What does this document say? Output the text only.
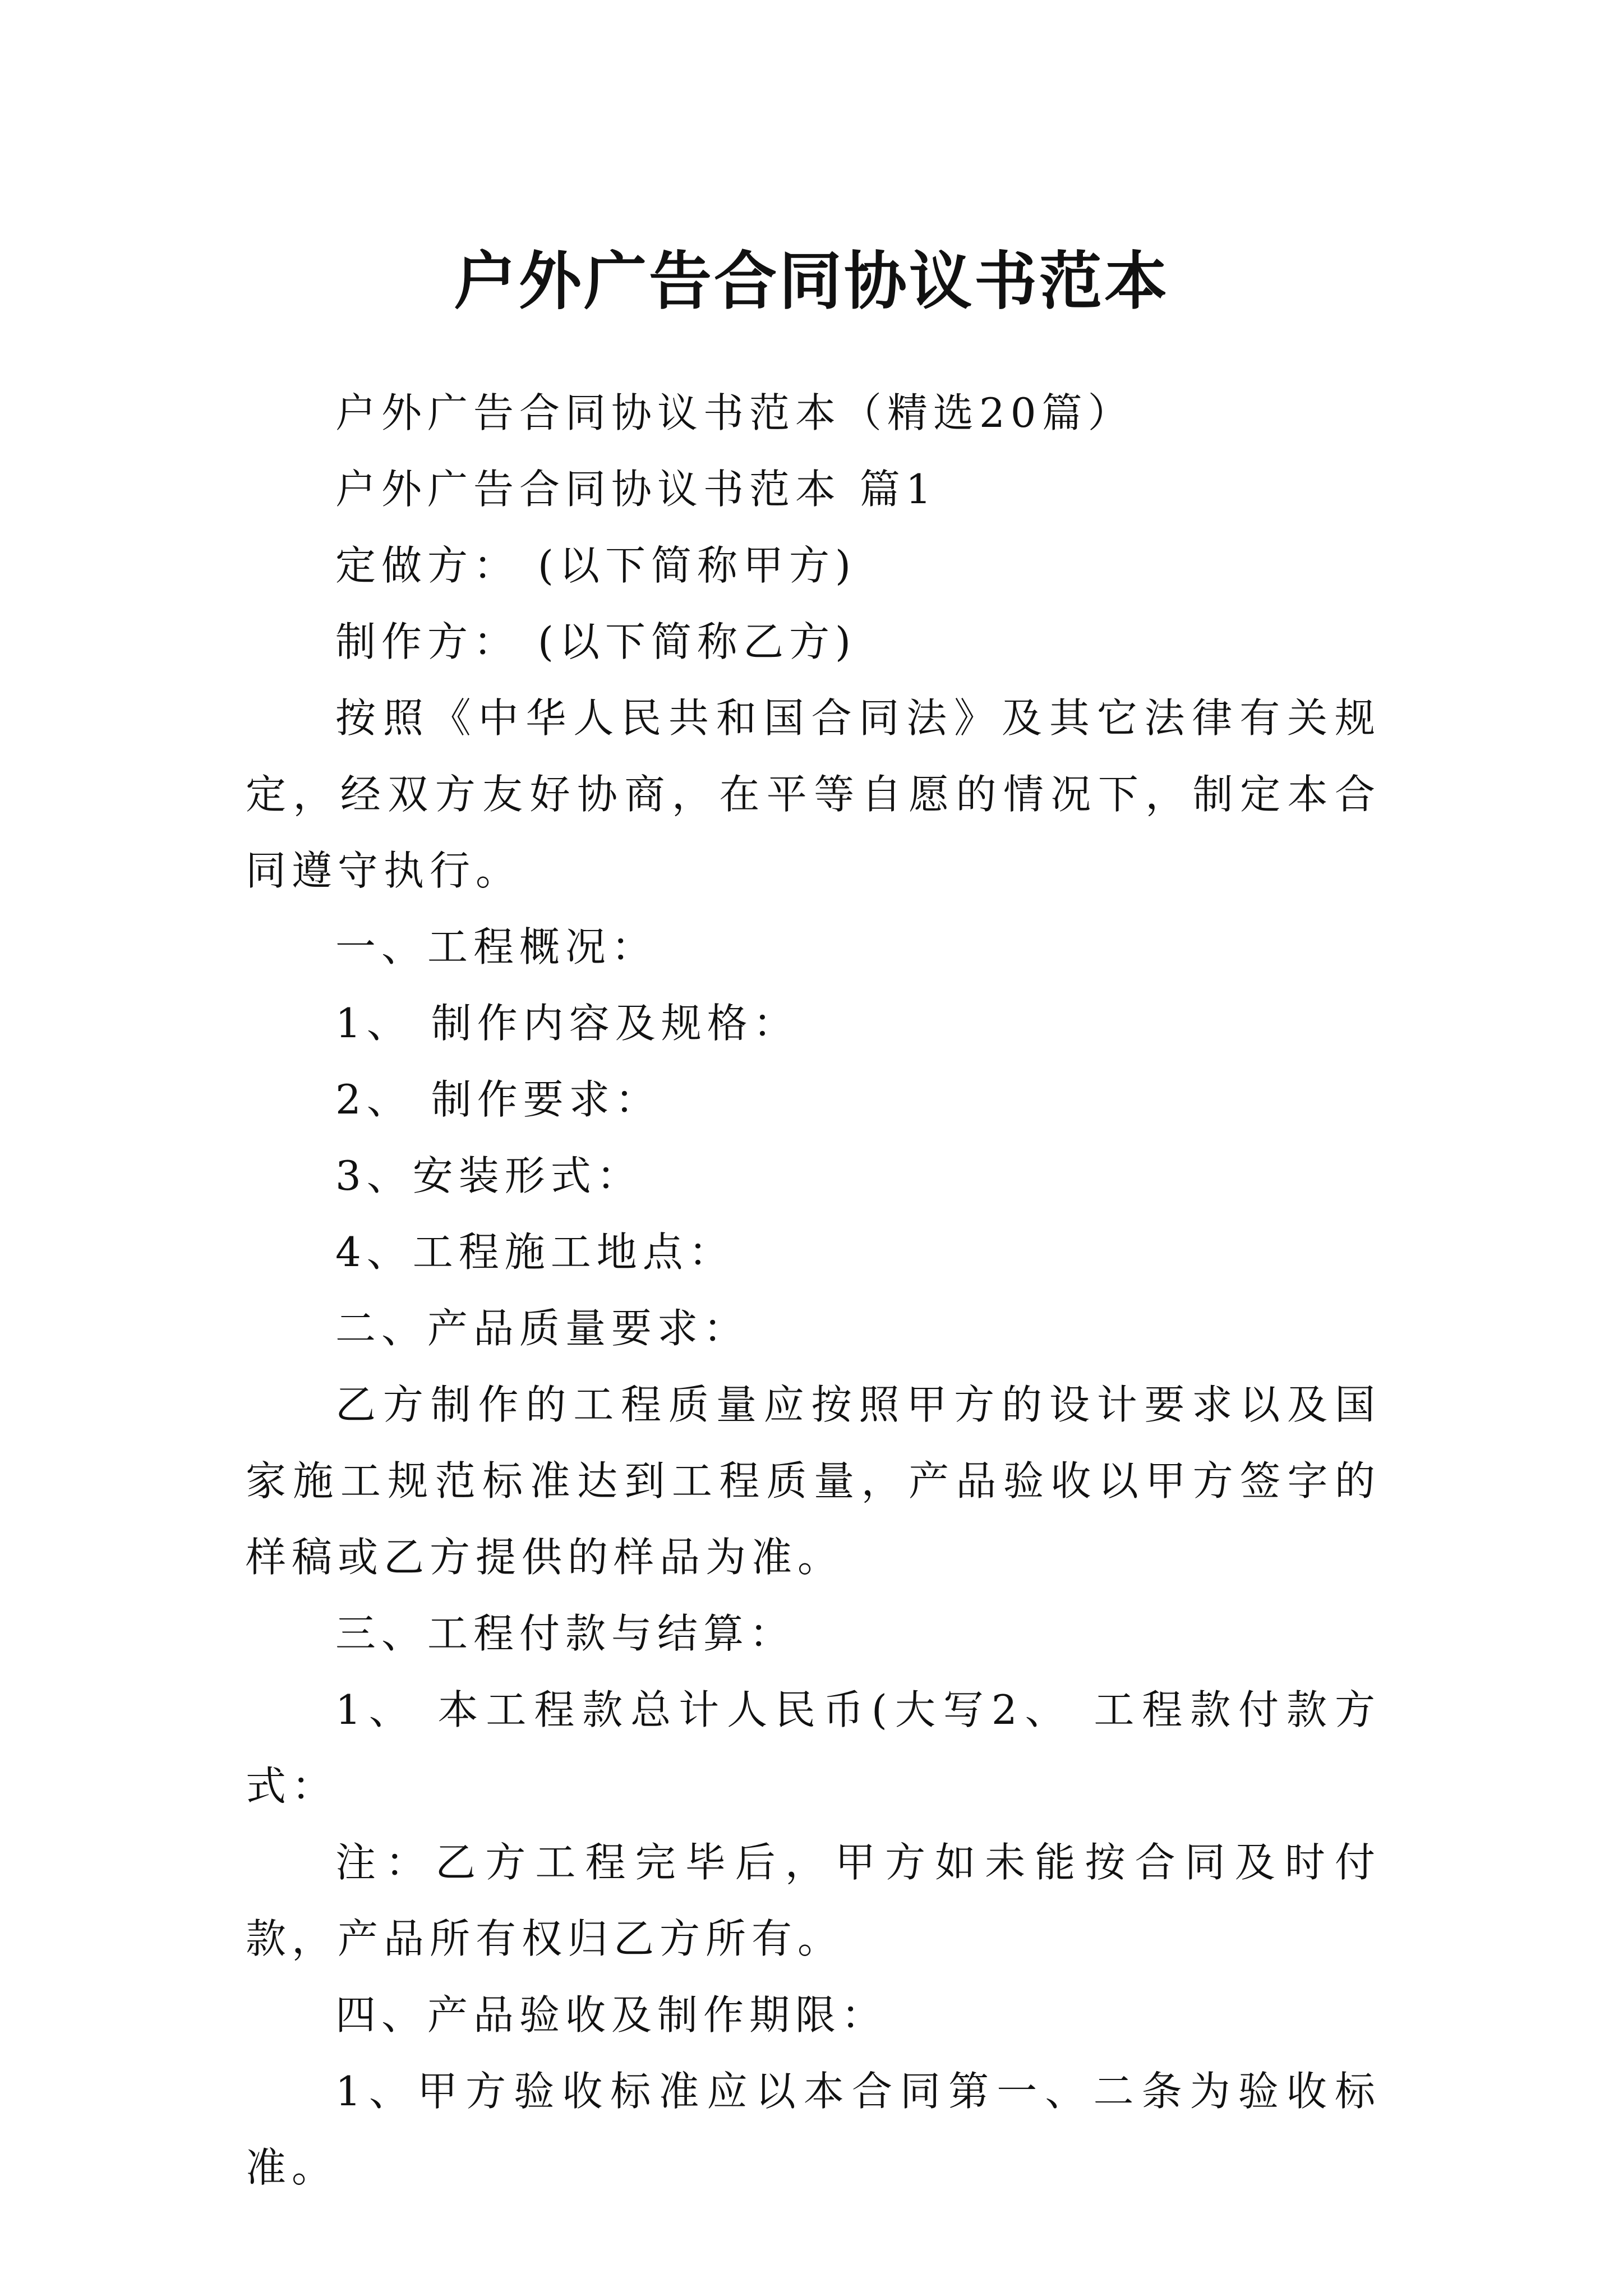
户外广告合同协议书范本

户外广告合同协议书范本（精选20篇）

户外广告合同协议书范本 篇1

定做方： (以下简称甲方)

制作方： (以下简称乙方)

按照《中华人民共和国合同法》及其它法律有关规定，经双方友好协商，在平等自愿的情况下，制定本合同遵守执行。

一、工程概况：

1、 制作内容及规格：

2、 制作要求：

3、安装形式：

4、工程施工地点：

二、产品质量要求：

乙方制作的工程质量应按照甲方的设计要求以及国家施工规范标准达到工程质量，产品验收以甲方签字的样稿或乙方提供的样品为准。

三、工程付款与结算：

1、 本工程款总计人民币(大写2、 工程款付款方式：

注：乙方工程完毕后，甲方如未能按合同及时付款，产品所有权归乙方所有。

四、产品验收及制作期限：

1、甲方验收标准应以本合同第一、二条为验收标准。
